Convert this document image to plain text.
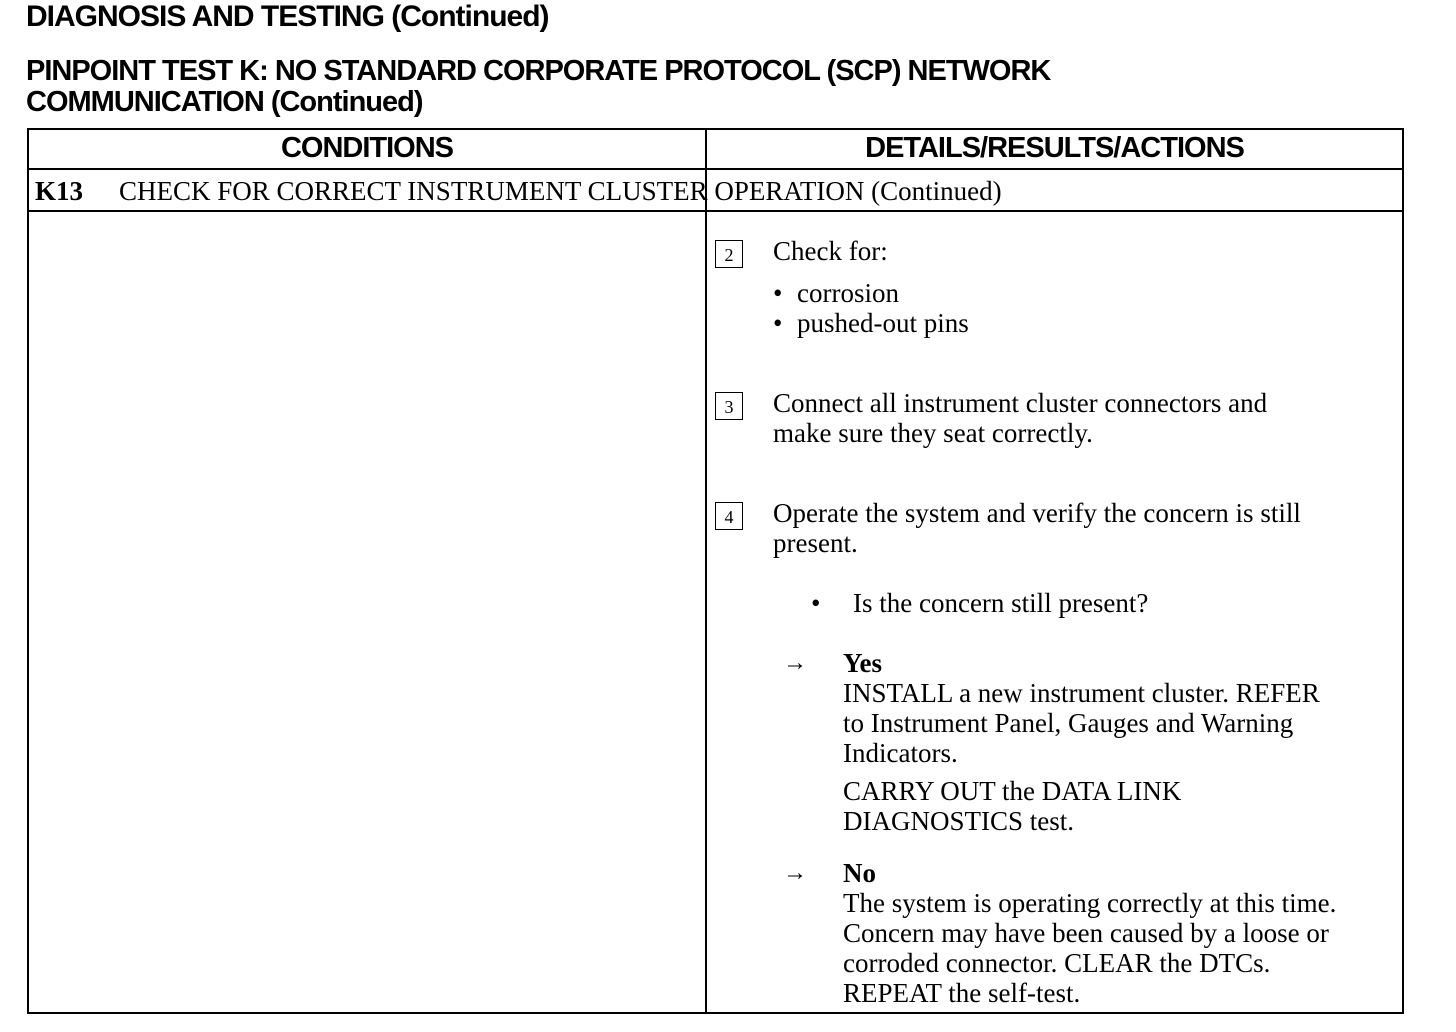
DIAGNOSIS AND TESTING (Continued)
PINPOINT TEST K: NO STANDARD CORPORATE PROTOCOL (SCP) NETWORK
COMMUNICATION (Continued)
CONDITIONS	DETAILS/RESULTS/ACTIONS
K13 CHECK FOR CORRECT INSTRUMENT CLUSTER OPERATION (Continued)
2	Check for:
• corrosion
• pushed-out pins
3	Connect all instrument cluster connectors and
make sure they seat correctly.
4	Operate the system and verify the concern is still
present.
• Is the concern still present?
→ Yes
INSTALL a new instrument cluster. REFER
to Instrument Panel, Gauges and Warning
Indicators.
CARRY OUT the DATA LINK
DIAGNOSTICS test.
→ No
The system is operating correctly at this time.
Concern may have been caused by a loose or
corroded connector. CLEAR the DTCs.
REPEAT the self-test.
